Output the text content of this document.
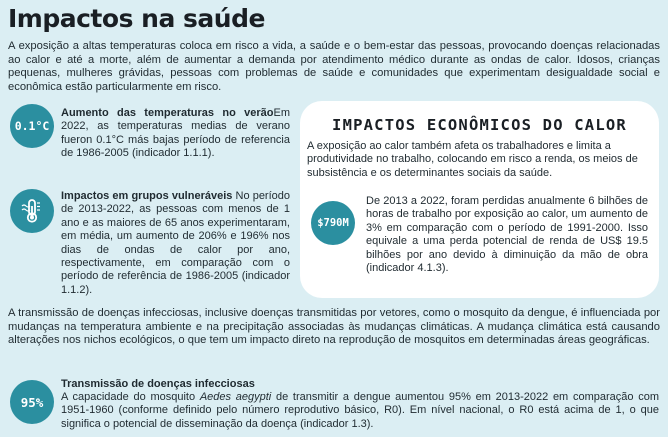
Impactos na saúde
A exposição a altas temperaturas coloca em risco a vida, a saúde e o bem-estar das pessoas, provocando doenças relacionadas ao calor e até a morte, além de aumentar a demanda por atendimento médico durante as ondas de calor. Idosos, crianças pequenas, mulheres grávidas, pessoas com problemas de saúde e comunidades que experimentam desigualdade social e econômica estão particularmente em risco.
0.1°C
Aumento das temperaturas no verãoEm 2022, as temperaturas medias de verano fueron 0.1°C más bajas período de referencia de 1986-2005 (indicador 1.1.1).
Impactos em grupos vulneráveis No período de 2013-2022, as pessoas com menos de 1 ano e as maiores de 65 anos experimentaram, em média, um aumento de 206% e 196% nos dias de ondas de calor por ano, respectivamente, em comparação com o período de referência de 1986-2005 (indicador 1.1.2).
IMPACTOS ECONÔMICOS DO CALOR
A exposição ao calor também afeta os trabalhadores e limita a produtividade no trabalho, colocando em risco a renda, os meios de subsistência e os determinantes sociais da saúde.
$790M
De 2013 a 2022, foram perdidas anualmente 6 bilhões de horas de trabalho por exposição ao calor, um aumento de 3% em comparação com o período de 1991-2000. Isso equivale a uma perda potencial de renda de US$ 19.5 bilhões por ano devido à diminuição da mão de obra (indicador 4.1.3).
A transmissão de doenças infecciosas, inclusive doenças transmitidas por vetores, como o mosquito da dengue, é influenciada por mudanças na temperatura ambiente e na precipitação associadas às mudanças climáticas. A mudança climática está causando alterações nos nichos ecológicos, o que tem um impacto direto na reprodução de mosquitos em determinadas áreas geográficas.
95%
Transmissão de doenças infecciosas
A capacidade do mosquito Aedes aegypti de transmitir a dengue aumentou 95% em 2013-2022 em comparação com 1951-1960 (conforme definido pelo número reprodutivo básico, R0). Em nível nacional, o R0 está acima de 1, o que significa o potencial de disseminação da doença (indicador 1.3).
